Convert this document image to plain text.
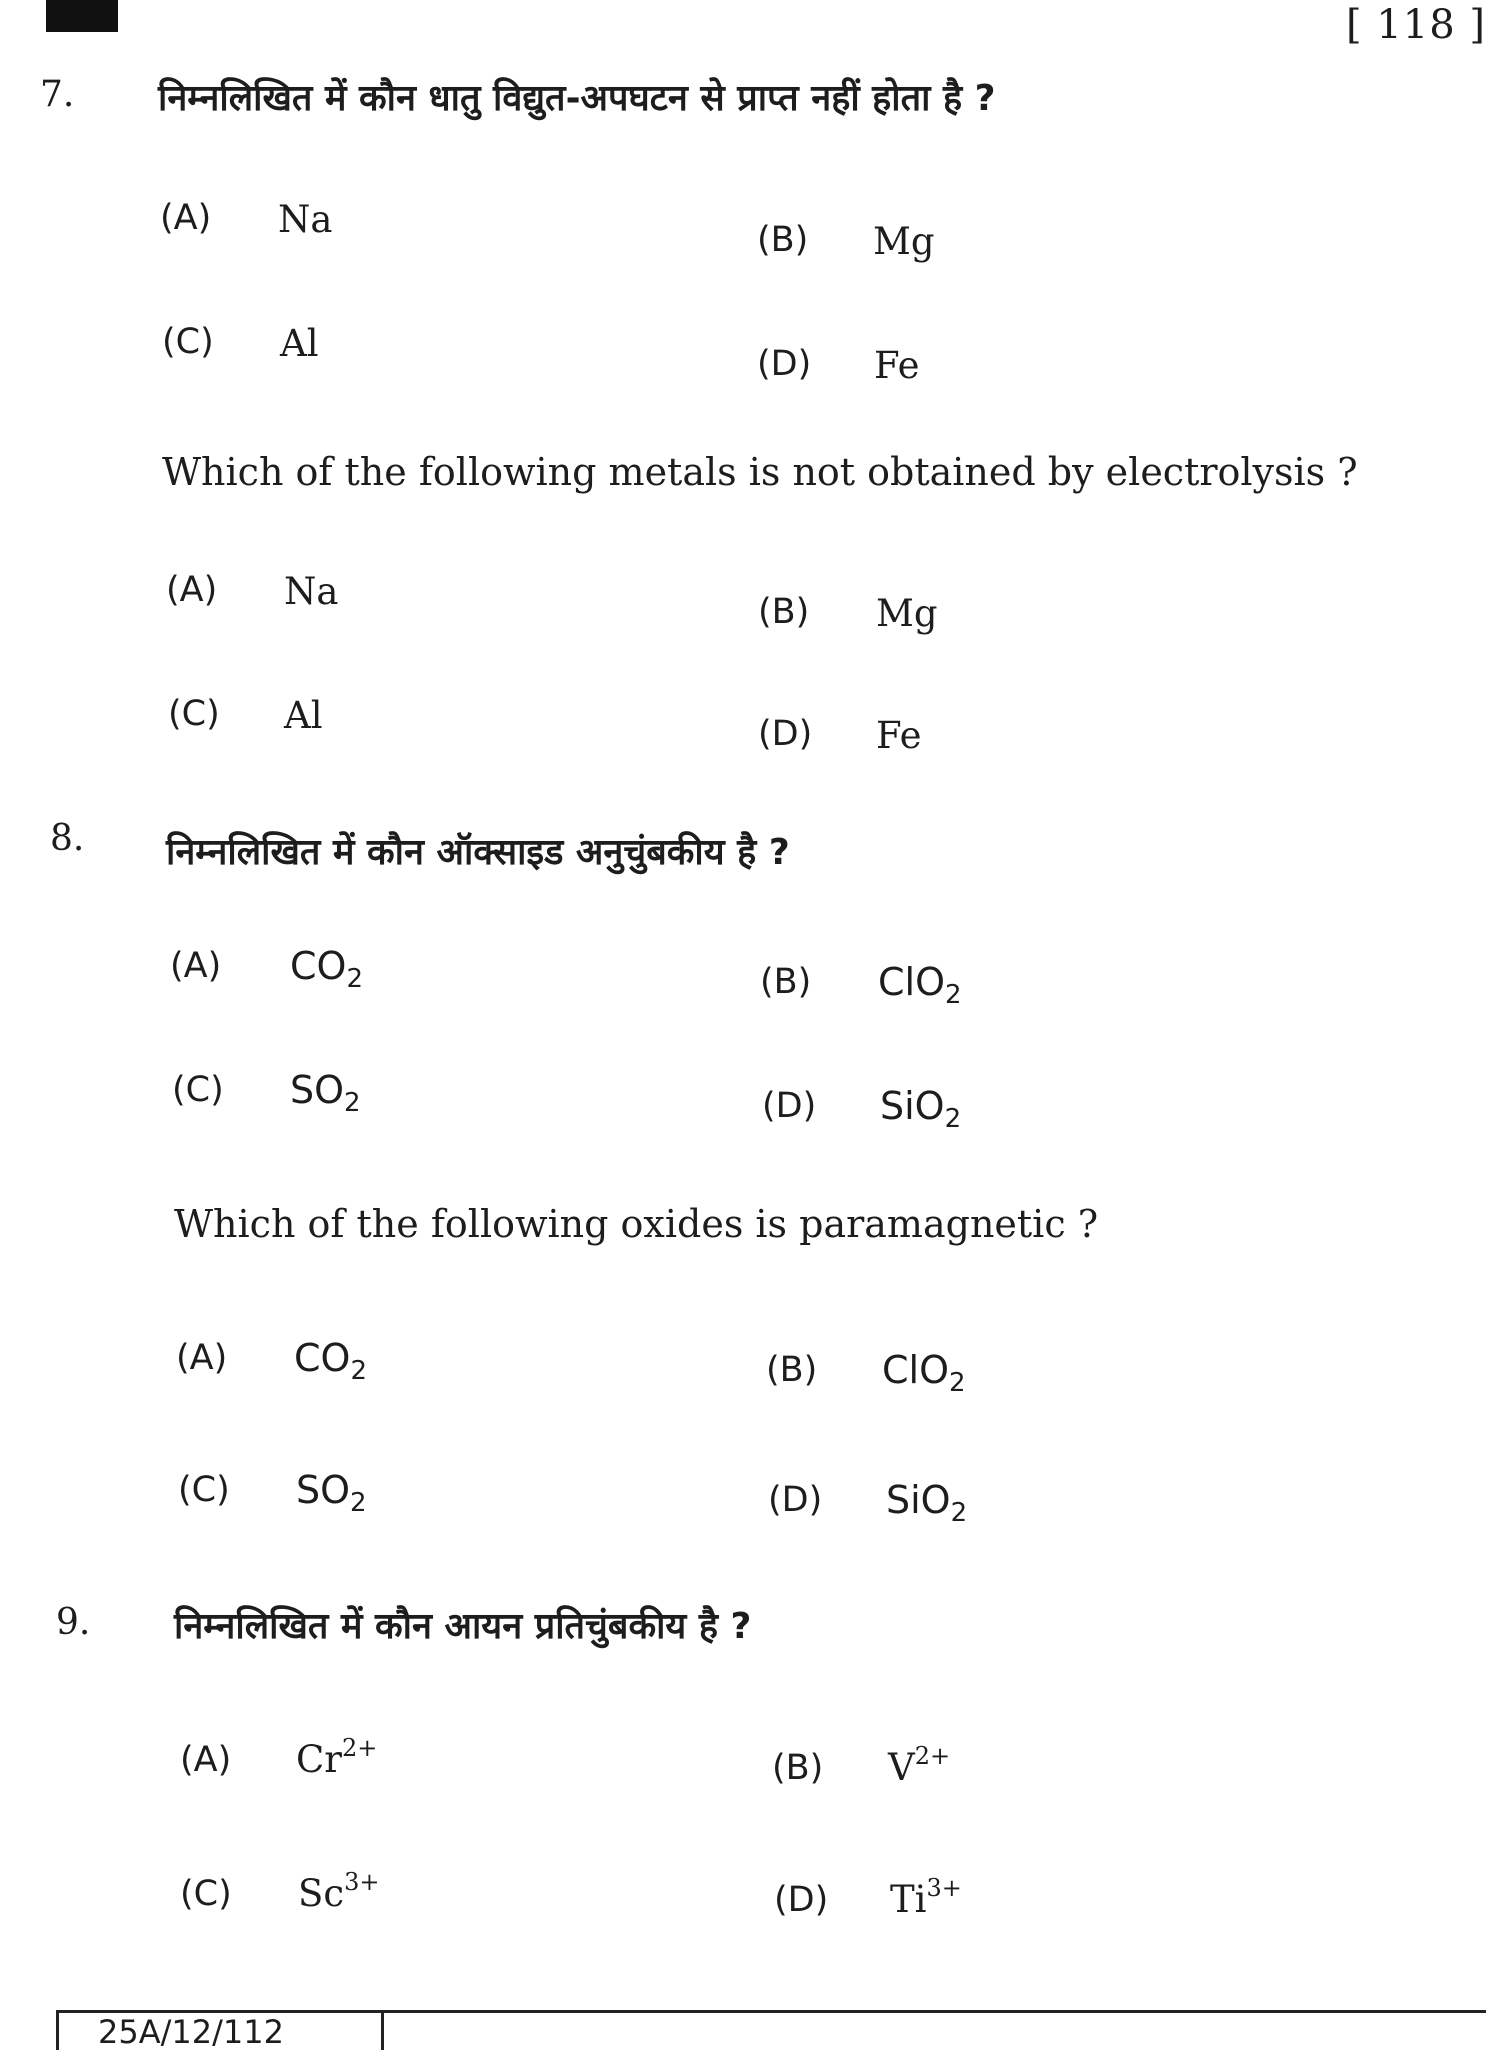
[ 118 ]
7. निम्नलिखित में कौन धातु विद्युत-अपघटन से प्राप्त नहीं होता है ?
(A) Na	(B) Mg
(C) Al	(D) Fe
Which of the following metals is not obtained by electrolysis ?
(A) Na	(B) Mg
(C) Al	(D) Fe
8. निम्नलिखित में कौन ऑक्साइड अनुचुंबकीय है ?
(A) $CO_2$	(B) ClO$_2$
(C) $SO_2$	(D) SiO$_2$
Which of the following oxides is paramagnetic ?
(A) $CO_2$	(B) ClO$_2$
(C) $SO_2$	(D) SiO$_2$
9. निम्नलिखित में कौन आयन प्रतिचुंबकीय है ?
(A) $Cr^{2+}$	(B) $V^{2+}$
(C) $Sc^{3+}$	(D) $Ti^{3+}$
25A/12/112
